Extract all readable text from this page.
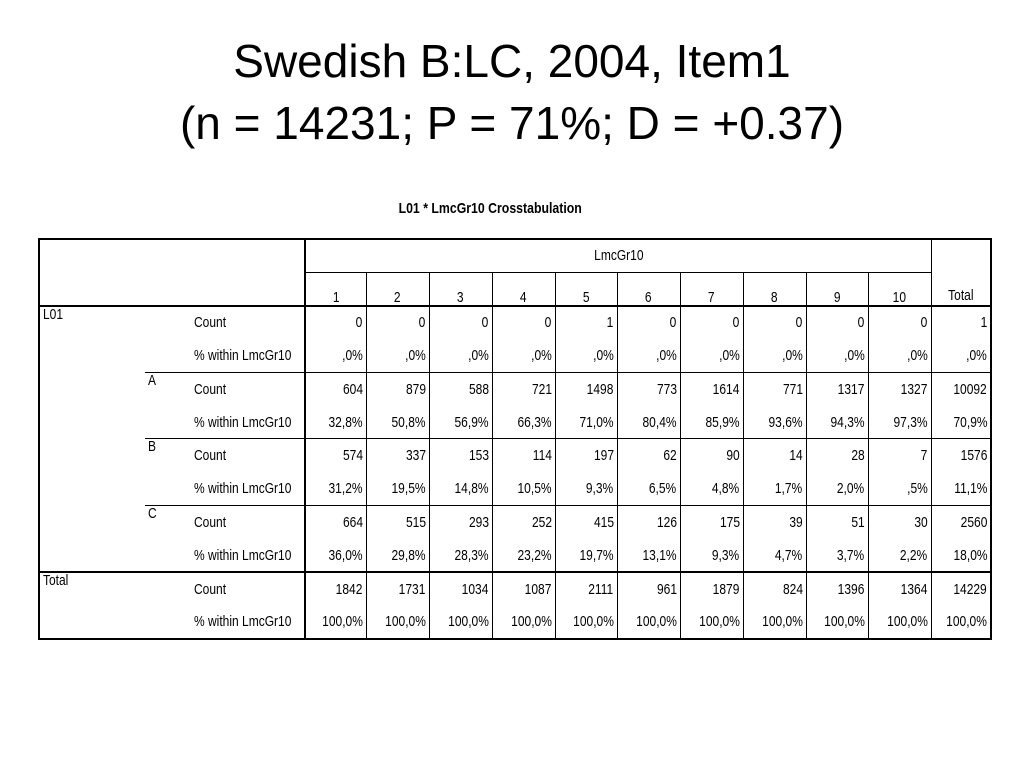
Swedish B:LC, 2004, Item1
(n = 14231; P = 71%; D = +0.37)
L01 * LmcGr10 Crosstabulation
			LmcGr10										Total
			1	2	3	4	5	6	7	8	9	10	
L01		Count	0	0	0	0	1	0	0	0	0	0	1
		% within LmcGr10	,0%	,0%	,0%	,0%	,0%	,0%	,0%	,0%	,0%	,0%	,0%
	A	Count	604	879	588	721	1498	773	1614	771	1317	1327	10092
		% within LmcGr10	32,8%	50,8%	56,9%	66,3%	71,0%	80,4%	85,9%	93,6%	94,3%	97,3%	70,9%
	B	Count	574	337	153	114	197	62	90	14	28	7	1576
		% within LmcGr10	31,2%	19,5%	14,8%	10,5%	9,3%	6,5%	4,8%	1,7%	2,0%	,5%	11,1%
	C	Count	664	515	293	252	415	126	175	39	51	30	2560
		% within LmcGr10	36,0%	29,8%	28,3%	23,2%	19,7%	13,1%	9,3%	4,7%	3,7%	2,2%	18,0%
Total		Count	1842	1731	1034	1087	2111	961	1879	824	1396	1364	14229
		% within LmcGr10	100,0%	100,0%	100,0%	100,0%	100,0%	100,0%	100,0%	100,0%	100,0%	100,0%	100,0%
